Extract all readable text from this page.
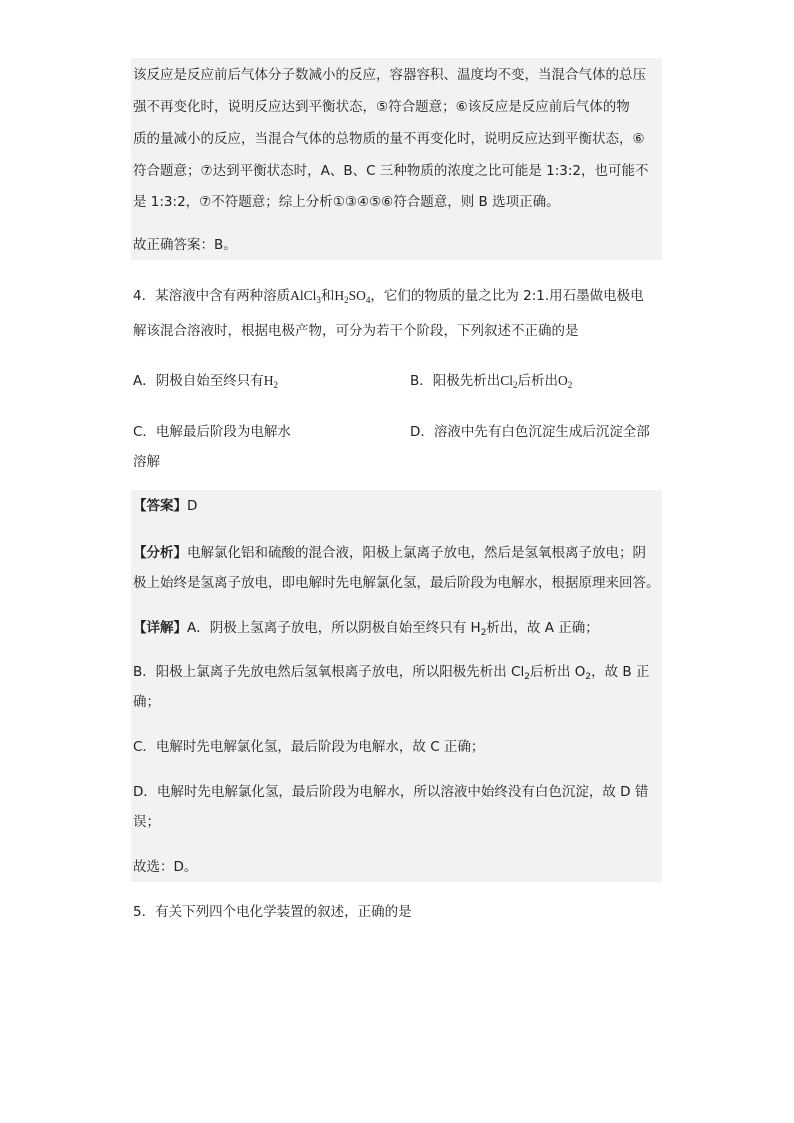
该反应是反应前后气体分子数减小的反应，容器容积、温度均不变，当混合气体的总压
强不再变化时，说明反应达到平衡状态，⑤符合题意；⑥该反应是反应前后气体的物
质的量减小的反应，当混合气体的总物质的量不再变化时，说明反应达到平衡状态，⑥
符合题意；⑦达到平衡状态时，A、B、C 三种物质的浓度之比可能是 1:3:2，也可能不
是 1:3:2，⑦不符题意；综上分析①③④⑤⑥符合题意，则 B 选项正确。
故正确答案：B。
4．某溶液中含有两种溶质AlCl$_3$和$H_2SO_4$，它们的物质的量之比为 2:1.用石墨做电极电
解该混合溶液时，根据电极产物，可分为若干个阶段，下列叙述不正确的是
A．阴极自始至终只有$H_2$	B．阳极先析出$Cl_2$后析出$O_2$
C．电解最后阶段为电解水	D．溶液中先有白色沉淀生成后沉淀全部
溶解
【答案】D
【分析】电解氯化铝和硫酸的混合液，阳极上氯离子放电，然后是氢氧根离子放电；阴
极上始终是氢离子放电，即电解时先电解氯化氢，最后阶段为电解水，根据原理来回答。
【详解】A．阴极上氢离子放电，所以阴极自始至终只有 $H_2$析出，故 A 正确；
B．阳极上氯离子先放电然后氢氧根离子放电，所以阳极先析出 $Cl_2$后析出 $O_2$，故 B 正
确；
C．电解时先电解氯化氢，最后阶段为电解水，故 C 正确；
D．电解时先电解氯化氢，最后阶段为电解水，所以溶液中始终没有白色沉淀，故 D 错
误；
故选：D。
5．有关下列四个电化学装置的叙述，正确的是
